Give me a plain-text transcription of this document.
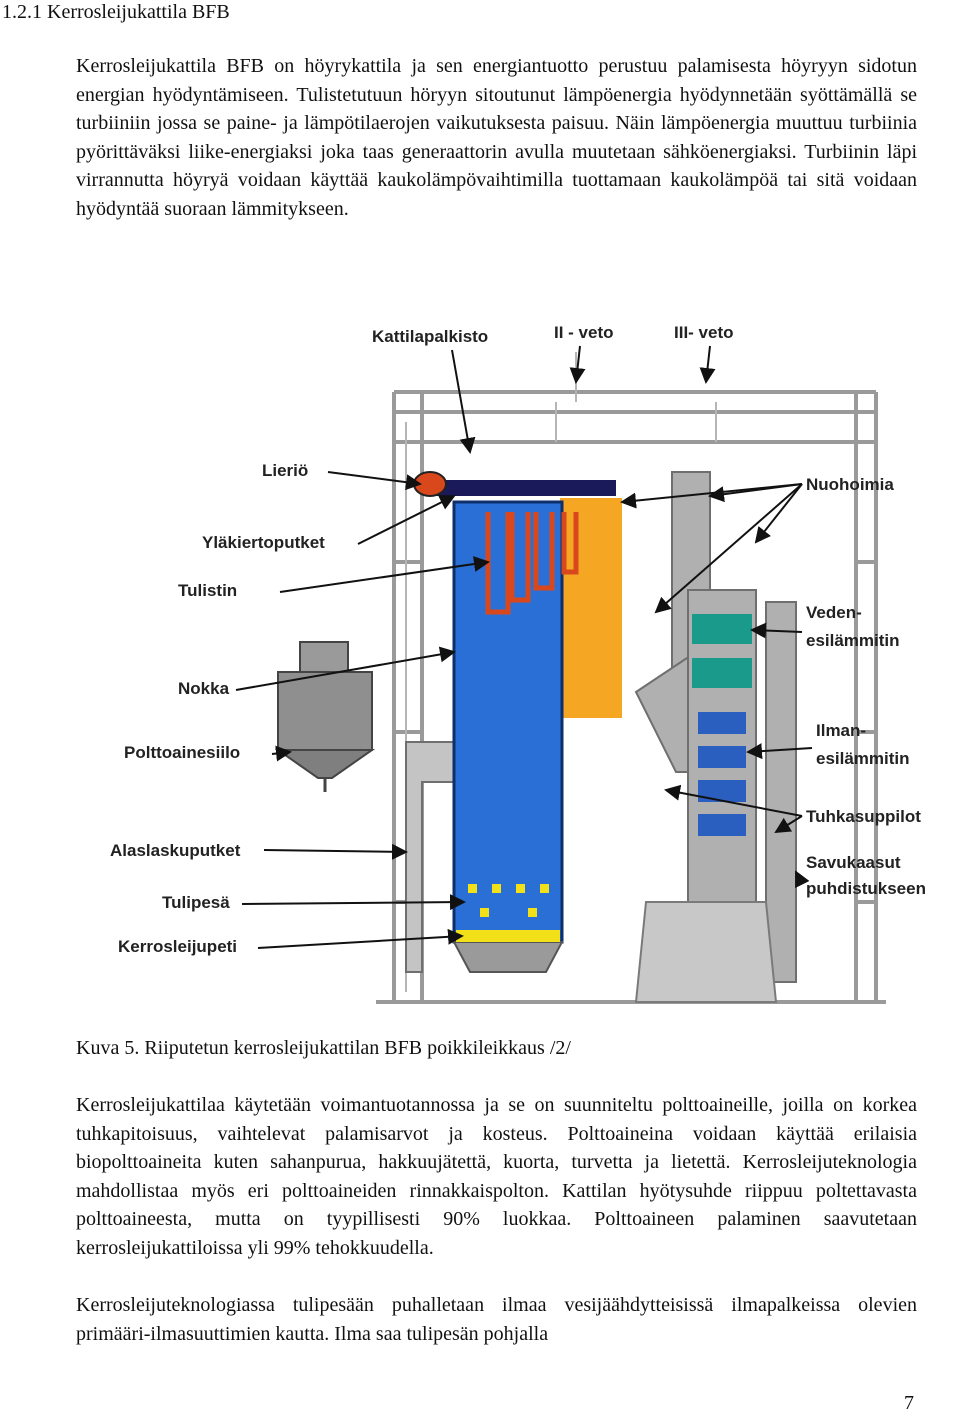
1.2.1 Kerrosleijukattila BFB

Kerrosleijukattila BFB on höyrykattila ja sen energiantuotto perustuu palamisesta höyryyn sidotun energian hyödyntämiseen. Tulistetutuun höryyn sitoutunut lämpöenergia hyödynnetään syöttämällä se turbiiniin jossa se paine- ja lämpötilaerojen vaikutuksesta paisuu. Näin lämpöenergia muuttuu turbiinia pyörittäväksi liike-energiaksi joka taas generaattorin avulla muutetaan sähköenergiaksi. Turbiinin läpi virrannutta höyryä voidaan käyttää kaukolämpövaihtimilla tuottamaan kaukolämpöä tai sitä voidaan hyödyntää suoraan lämmitykseen.

Kattilapalkisto	II - veto	III- veto
Lieriö
Yläkiertoputket
Tulistin
Nokka
Polttoainesiilo
Alaslaskuputket
Tulipesä
Kerrosleijupeti
Nuohoimia
Veden-
esilämmitin
Ilman-
esilämmitin
Tuhkasuppilot
Savukaasut
puhdistukseen
Kuva 5. Riiputetun kerrosleijukattilan BFB poikkileikkaus /2/

Kerrosleijukattilaa käytetään voimantuotannossa ja se on suunniteltu polttoaineille, joilla on korkea tuhkapitoisuus, vaihtelevat palamisarvot ja kosteus. Polttoaineina voidaan käyttää erilaisia biopolttoaineita kuten sahanpurua, hakkuujätettä, kuorta, turvetta ja lietettä. Kerrosleijuteknologia mahdollistaa myös eri polttoaineiden rinnakkaispolton. Kattilan hyötysuhde riippuu poltettavasta polttoaineesta, mutta on tyypillisesti 90% luokkaa. Polttoaineen palaminen saavutetaan kerrosleijukattiloissa yli 99% tehokkuudella.

Kerrosleijuteknologiassa tulipesään puhalletaan ilmaa vesijäähdytteisissä ilmapalkeissa olevien primääri-ilmasuuttimien kautta. Ilma saa tulipesän pohjalla

7
